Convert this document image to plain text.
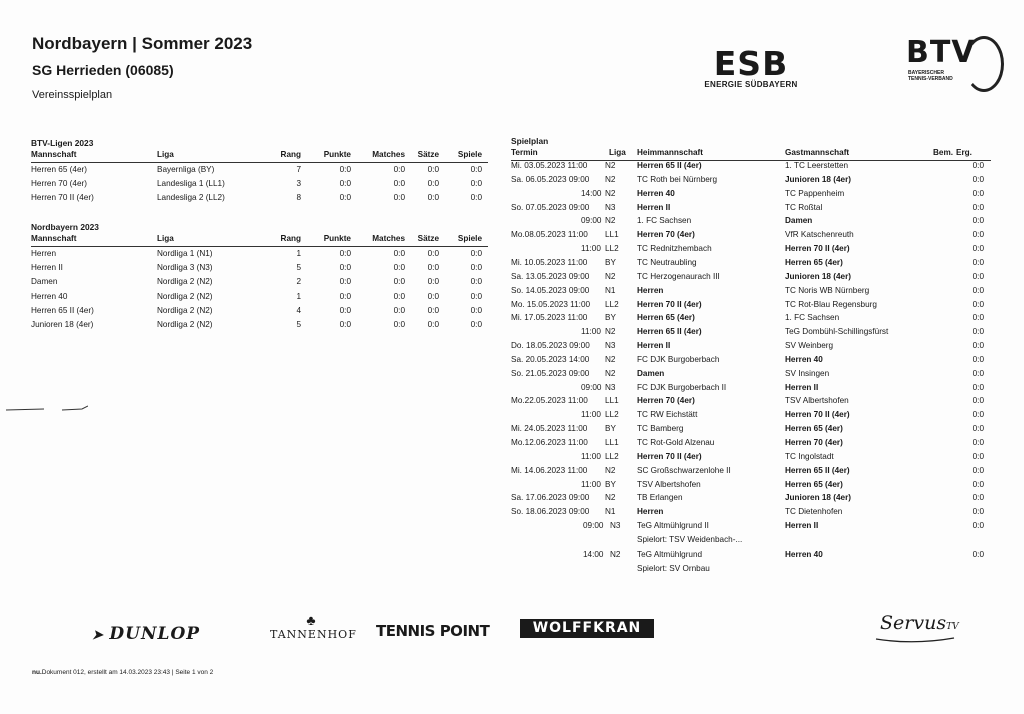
Nordbayern | Sommer 2023
SG Herrieden (06085)
Vereinsspielplan
ESB
ENERGIE SÜDBAYERN
BTV
BAYERISCHER
TENNIS-VERBAND
BTV-Ligen 2023
Mannschaft	Liga	Rang	Punkte	Matches	Sätze	Spiele
Herren 65 (4er)	Bayernliga (BY)	7	0:0	0:0	0:0	0:0
Herren 70 (4er)	Landesliga 1 (LL1)	3	0:0	0:0	0:0	0:0
Herren 70 II (4er)	Landesliga 2 (LL2)	8	0:0	0:0	0:0	0:0
Nordbayern 2023
Mannschaft	Liga	Rang	Punkte	Matches	Sätze	Spiele
Herren	Nordliga 1 (N1)	1	0:0	0:0	0:0	0:0
Herren II	Nordliga 3 (N3)	5	0:0	0:0	0:0	0:0
Damen	Nordliga 2 (N2)	2	0:0	0:0	0:0	0:0
Herren 40	Nordliga 2 (N2)	1	0:0	0:0	0:0	0:0
Herren 65 II (4er)	Nordliga 2 (N2)	4	0:0	0:0	0:0	0:0
Junioren 18 (4er)	Nordliga 2 (N2)	5	0:0	0:0	0:0	0:0
Spielplan
Termin	Liga Heimmannschaft	Gastmannschaft	Bem. Erg.
Mi. 03.05.2023 11:00 N2	Herren 65 II (4er)	1. TC Leerstetten	0:0
Sa. 06.05.2023 09:00 N2	TC Roth bei Nürnberg	Junioren 18 (4er)	0:0
14:00 N2	Herren 40	TC Pappenheim	0:0
So. 07.05.2023 09:00 N3	Herren II	TC Roßtal	0:0
09:00 N2	1. FC Sachsen	Damen	0:0
Mo.08.05.2023 11:00 LL1 Herren 70 (4er)	VfR Katschenreuth	0:0
11:00 LL2 TC Rednitzhembach	Herren 70 II (4er)	0:0
Mi. 10.05.2023 11:00 BY	TC Neutraubling	Herren 65 (4er)	0:0
Sa. 13.05.2023 09:00 N2	TC Herzogenaurach III	Junioren 18 (4er)	0:0
So. 14.05.2023 09:00 N1	Herren	TC Noris WB Nürnberg	0:0
Mo. 15.05.2023 11:00 LL2 Herren 70 II (4er)	TC Rot-Blau Regensburg	0:0
Mi. 17.05.2023 11:00 BY	Herren 65 (4er)	1. FC Sachsen	0:0
11:00 N2	Herren 65 II (4er)	TeG Dombühl-Schillingsfürst	0:0
Do. 18.05.2023 09:00 N3	Herren II	SV Weinberg	0:0
Sa. 20.05.2023 14:00 N2	FC DJK Burgoberbach	Herren 40	0:0
So. 21.05.2023 09:00 N2	Damen	SV Insingen	0:0
09:00 N3	FC DJK Burgoberbach II	Herren II	0:0
Mo.22.05.2023 11:00 LL1 Herren 70 (4er)	TSV Albertshofen	0:0
11:00 LL2 TC RW Eichstätt	Herren 70 II (4er)	0:0
Mi. 24.05.2023 11:00 BY	TC Bamberg	Herren 65 (4er)	0:0
Mo.12.06.2023 11:00 LL1 TC Rot-Gold Alzenau	Herren 70 (4er)	0:0
11:00 LL2 Herren 70 II (4er)	TC Ingolstadt	0:0
Mi. 14.06.2023 11:00 N2	SC Großschwarzenlohe II	Herren 65 II (4er)	0:0
11:00 BY	TSV Albertshofen	Herren 65 (4er)	0:0
Sa. 17.06.2023 09:00 N2	TB Erlangen	Junioren 18 (4er)	0:0
So. 18.06.2023 09:00 N1	Herren	TC Dietenhofen	0:0
09:00 N3 TeG Altmühlgrund II	Herren II	0:0
Spielort: TSV Weidenbach-...
14:00 N2 TeG Altmühlgrund	Herren 40	0:0
Spielort: SV Ornbau
➤ DUNLOP
♣
TANNENHOF TENNIS POINT	WOLFFKRAN	ServusTV
nu.Dokument 012, erstellt am 14.03.2023 23:43 | Seite 1 von 2
